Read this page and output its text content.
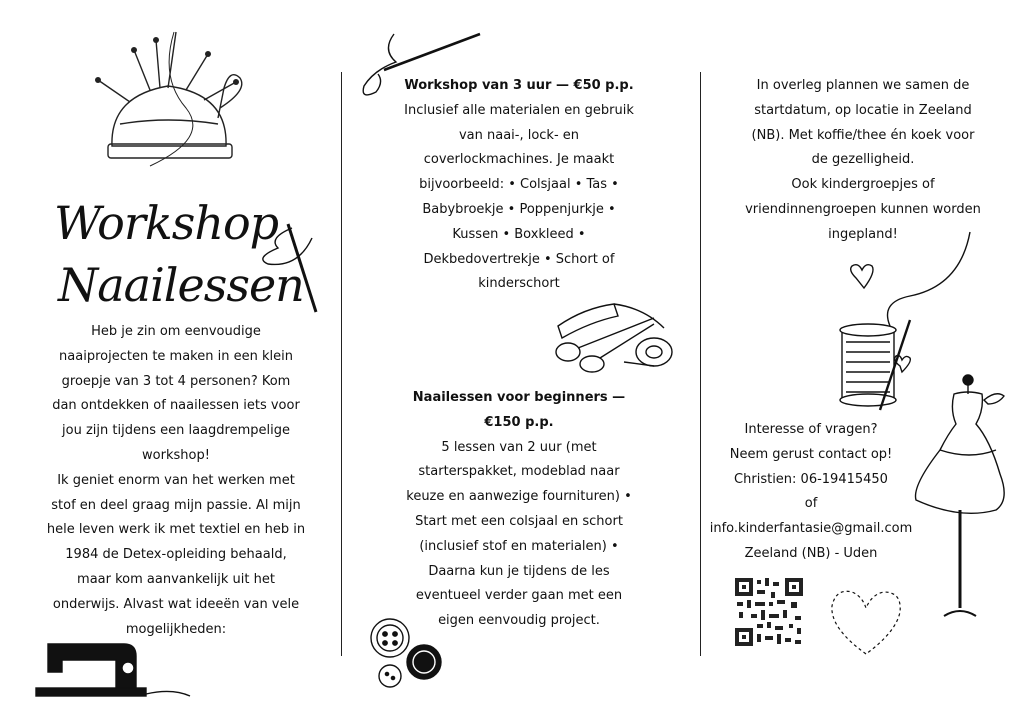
Workshop
Naailessen

Heb je zin om eenvoudige

naaiprojecten te maken in een klein

groepje van 3 tot 4 personen? Kom

dan ontdekken of naailessen iets voor

jou zijn tijdens een laagdrempelige

workshop!

Ik geniet enorm van het werken met

stof en deel graag mijn passie. Al mijn

hele leven werk ik met textiel en heb in

1984 de Detex-opleiding behaald,

maar kom aanvankelijk uit het

onderwijs. Alvast wat ideeën van vele

mogelijkheden:

Workshop van 3 uur — €50 p.p.

Inclusief alle materialen en gebruik

van naai-, lock- en

coverlockmachines. Je maakt

bijvoorbeeld: • Colsjaal • Tas •

Babybroekje • Poppenjurkje •

Kussen • Boxkleed •

Dekbedovertrekje • Schort of

kinderschort

Naailessen voor beginners —

€150 p.p.

5 lessen van 2 uur (met

starterspakket, modeblad naar

keuze en aanwezige fournituren) •

Start met een colsjaal en schort

(inclusief stof en materialen) •

Daarna kun je tijdens de les

eventueel verder gaan met een

eigen eenvoudig project.

In overleg plannen we samen de

startdatum, op locatie in Zeeland

(NB). Met koffie/thee én koek voor

de gezelligheid.

Ook kindergroepjes of

vriendinnengroepen kunnen worden

ingepland!

Interesse of vragen?

Neem gerust contact op!

Christien: 06-19415450

of

info.kinderfantasie@gmail.com

Zeeland (NB) - Uden
